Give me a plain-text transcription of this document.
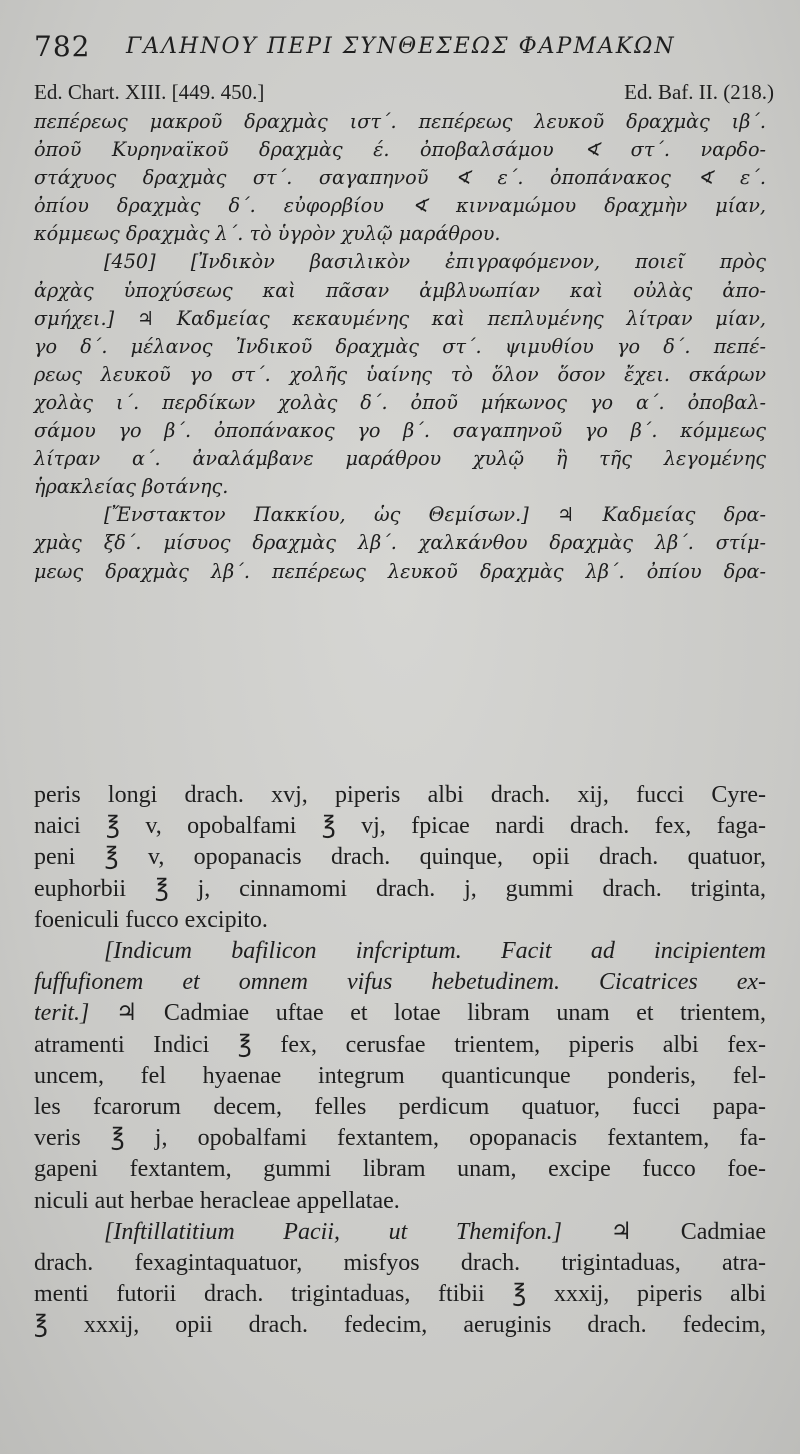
782 ΓΑΛΗΝΟΥ ΠΕΡΙ ΣΥΝΘΕΣΕΩΣ ΦΑΡΜΑΚΩΝ
Ed. Chart. XIII. [449. 450.]	Ed. Baf. II. (218.)

πεπέρεως μακροῦ δραχμὰς ιστ΄. πεπέρεως λευκοῦ δραχμὰς ιβ΄.
ὀποῦ Κυρηναϊκοῦ δραχμὰς έ. ὀποβαλσάμου ∢ στ΄. ναρδο-
στάχυος δραχμὰς στ΄. σαγαπηνοῦ ∢ ε΄. ὀποπάνακος ∢ ε΄.
ὀπίου δραχμὰς δ΄. εὐφορβίου ∢ κινναμώμου δραχμὴν μίαν,
κόμμεως δραχμὰς λ΄. τὸ ὑγρὸν χυλῷ μαράθρου.

[450] [Ἰνδικὸν βασιλικὸν ἐπιγραφόμενον, ποιεῖ πρὸς
ἀρχὰς ὑποχύσεως καὶ πᾶσαν ἀμβλυωπίαν καὶ οὐλὰς ἀπο-
σμήχει.] ♃ Καδμείας κεκαυμένης καὶ πεπλυμένης λίτραν μίαν,
γο δ΄. μέλανος Ἰνδικοῦ δραχμὰς στ΄. ψιμυθίου γο δ΄. πεπέ-
ρεως λευκοῦ γο στ΄. χολῆς ὑαίνης τὸ ὅλον ὅσον ἔχει. σκάρων
χολὰς ι΄. περδίκων χολὰς δ΄. ὀποῦ μήκωνος γο α΄. ὀποβαλ-
σάμου γο β΄. ὀποπάνακος γο β΄. σαγαπηνοῦ γο β΄. κόμμεως
λίτραν α΄. ἀναλάμβανε μαράθρου χυλῷ ἢ τῆς λεγομένης
ἡρακλείας βοτάνης.

[Ἔνστακτον Πακκίου, ὡς Θεμίσων.] ♃ Καδμείας δρα-
χμὰς ξδ΄. μίσυος δραχμὰς λβ΄. χαλκάνθου δραχμὰς λβ΄. στίμ-
μεως δραχμὰς λβ΄. πεπέρεως λευκοῦ δραχμὰς λβ΄. ὀπίου δρα-

peris longi drach. xvj, piperis albi drach. xij, fucci Cyre-
naici ℥ v, opobalfami ℥ vj, fpicae nardi drach. fex, faga-
peni ℥ v, opopanacis drach. quinque, opii drach. quatuor,
euphorbii ℥ j, cinnamomi drach. j, gummi drach. triginta,
foeniculi fucco excipito.

[Indicum bafilicon infcriptum. Facit ad incipientem
fuffufionem et omnem vifus hebetudinem. Cicatrices ex-
terit.] ♃ Cadmiae uftae et lotae libram unam et trientem,
atramenti Indici ℥ fex, cerusfae trientem, piperis albi fex-
uncem, fel hyaenae integrum quanticunque ponderis, fel-
les fcarorum decem, felles perdicum quatuor, fucci papa-
veris ℥ j, opobalfami fextantem, opopanacis fextantem, fa-
gapeni fextantem, gummi libram unam, excipe fucco foe-
niculi aut herbae heracleae appellatae.

[Inftillatitium Pacii, ut Themifon.] ♃ Cadmiae
drach. fexagintaquatuor, misfyos drach. trigintaduas, atra-
menti futorii drach. trigintaduas, ftibii ℥ xxxij, piperis albi
℥ xxxij, opii drach. fedecim, aeruginis drach. fedecim,
